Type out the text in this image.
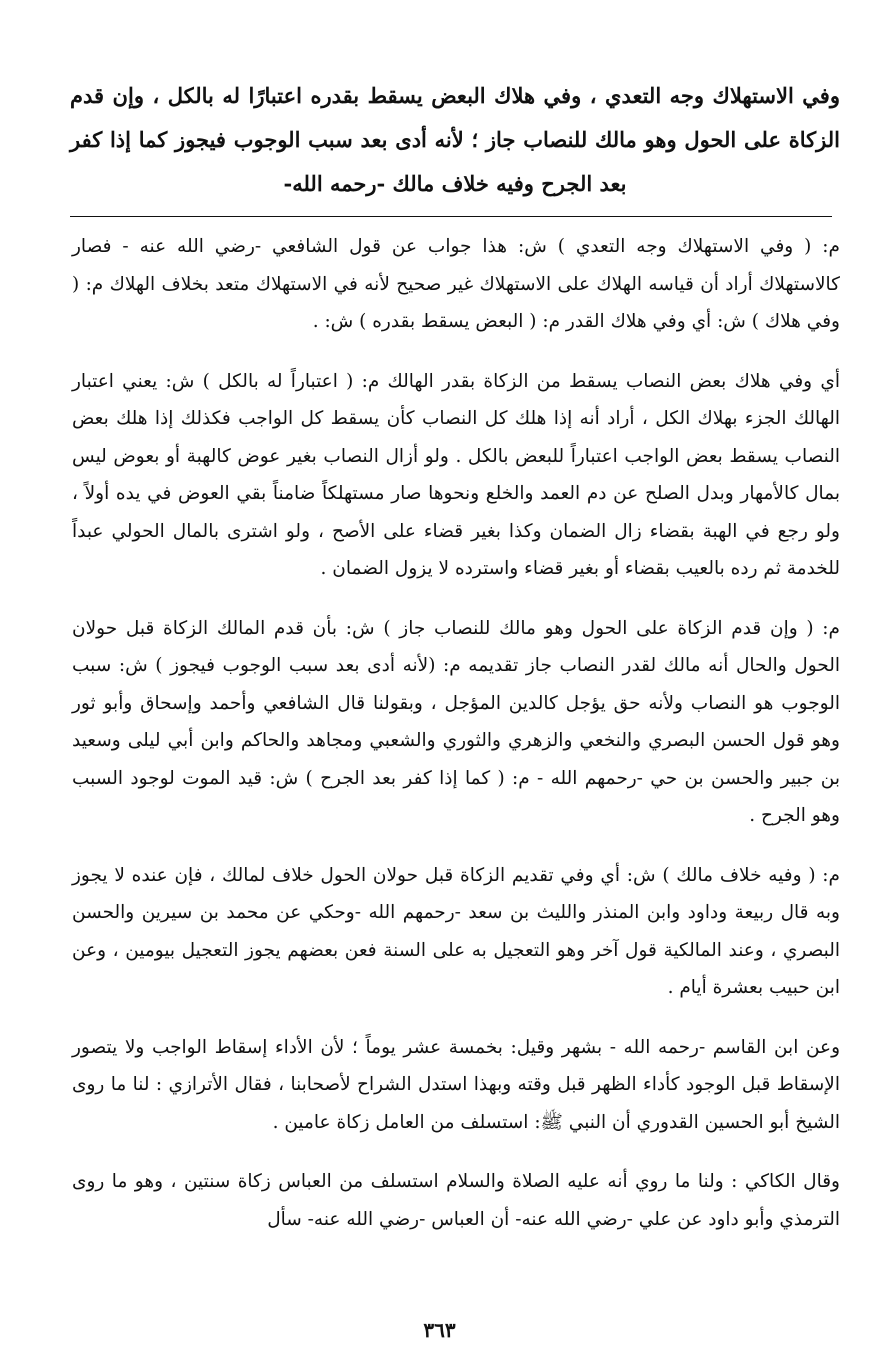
وفي الاستهلاك وجه التعدي ، وفي هلاك البعض يسقط بقدره اعتبارًا له بالكل ، وإن قدم الزكاة على الحول وهو مالك للنصاب جاز ؛ لأنه أدى بعد سبب الوجوب فيجوز كما إذا كفر بعد الجرح وفيه خلاف مالك -رحمه الله-

م: ( وفي الاستهلاك وجه التعدي ) ش: هذا جواب عن قول الشافعي -رضي الله عنه - فصار كالاستهلاك أراد أن قياسه الهلاك على الاستهلاك غير صحيح لأنه في الاستهلاك متعد بخلاف الهلاك م: ( وفي هلاك ) ش: أي وفي هلاك القدر م: ( البعض يسقط بقدره ) ش: .

أي وفي هلاك بعض النصاب يسقط من الزكاة بقدر الهالك م: ( اعتباراً له بالكل ) ش: يعني اعتبار الهالك الجزء بهلاك الكل ، أراد أنه إذا هلك كل النصاب كأن يسقط كل الواجب فكذلك إذا هلك بعض النصاب يسقط بعض الواجب اعتباراً للبعض بالكل . ولو أزال النصاب بغير عوض كالهبة أو بعوض ليس بمال كالأمهار وبدل الصلح عن دم العمد والخلع ونحوها صار مستهلكاً ضامناً بقي العوض في يده أولاً ، ولو رجع في الهبة بقضاء زال الضمان وكذا بغير قضاء على الأصح ، ولو اشترى بالمال الحولي عبداً للخدمة ثم رده بالعيب بقضاء أو بغير قضاء واسترده لا يزول الضمان .

م: ( وإن قدم الزكاة على الحول وهو مالك للنصاب جاز ) ش: بأن قدم المالك الزكاة قبل حولان الحول والحال أنه مالك لقدر النصاب جاز تقديمه م: (لأنه أدى بعد سبب الوجوب فيجوز ) ش: سبب الوجوب هو النصاب ولأنه حق يؤجل كالدين المؤجل ، وبقولنا قال الشافعي وأحمد وإسحاق وأبو ثور وهو قول الحسن البصري والنخعي والزهري والثوري والشعبي ومجاهد والحاكم وابن أبي ليلى وسعيد بن جبير والحسن بن حي -رحمهم الله - م: ( كما إذا كفر بعد الجرح ) ش: قيد الموت لوجود السبب وهو الجرح .

م: ( وفيه خلاف مالك ) ش: أي وفي تقديم الزكاة قبل حولان الحول خلاف لمالك ، فإن عنده لا يجوز وبه قال ربيعة وداود وابن المنذر والليث بن سعد -رحمهم الله -وحكي عن محمد بن سيرين والحسن البصري ، وعند المالكية قول آخر وهو التعجيل به على السنة فعن بعضهم يجوز التعجيل بيومين ، وعن ابن حبيب بعشرة أيام .

وعن ابن القاسم -رحمه الله - بشهر وقيل: بخمسة عشر يوماً ؛ لأن الأداء إسقاط الواجب ولا يتصور الإسقاط قبل الوجود كأداء الظهر قبل وقته وبهذا استدل الشراح لأصحابنا ، فقال الأترازي : لنا ما روى الشيخ أبو الحسين القدوري أن النبي ﷺ: استسلف من العامل زكاة عامين .

وقال الكاكي : ولنا ما روي أنه عليه الصلاة والسلام استسلف من العباس زكاة سنتين ، وهو ما روى الترمذي وأبو داود عن علي -رضي الله عنه- أن العباس -رضي الله عنه- سأل

٣٦٣
